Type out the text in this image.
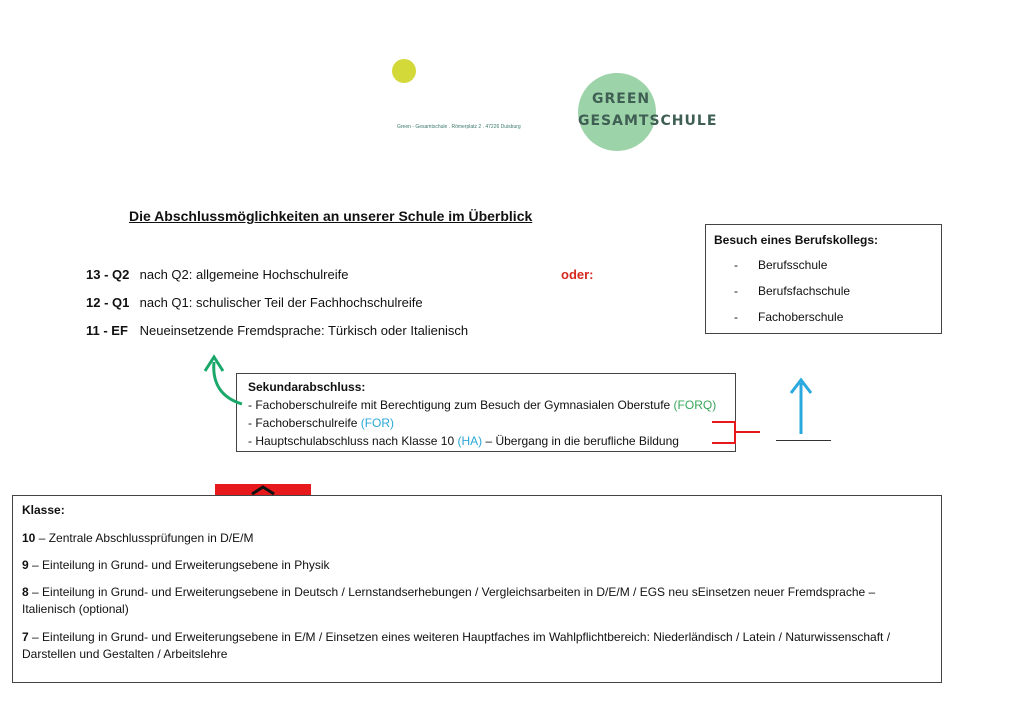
Green - Gesamtschule . Römerplatz 2 . 47226 Duisburg
GREEN
GESAMTSCHULE
Die Abschlussmöglichkeiten an unserer Schule im Überblick
13 - Q2 nach Q2: allgemeine Hochschulreife
12 - Q1 nach Q1: schulischer Teil der Fachhochschulreife
11 - EF Neueinsetzende Fremdsprache: Türkisch oder Italienisch
oder:
Besuch eines Berufskollegs:
- Berufsschule
- Berufsfachschule
- Fachoberschule
Sekundarabschluss:
- Fachoberschulreife mit Berechtigung zum Besuch der Gymnasialen Oberstufe (FORQ)
- Fachoberschulreife (FOR)
- Hauptschulabschluss nach Klasse 10 (HA) – Übergang in die berufliche Bildung
Klasse:
10 – Zentrale Abschlussprüfungen in D/E/M
9 – Einteilung in Grund- und Erweiterungsebene in Physik
8 – Einteilung in Grund- und Erweiterungsebene in Deutsch / Lernstandserhebungen / Vergleichsarbeiten in D/E/M / EGS neu sEinsetzen neuer Fremdsprache – Italienisch (optional)
7 – Einteilung in Grund- und Erweiterungsebene in E/M / Einsetzen eines weiteren Hauptfaches im Wahlpflichtbereich: Niederländisch / Latein / Naturwissenschaft / Darstellen und Gestalten / Arbeitslehre
